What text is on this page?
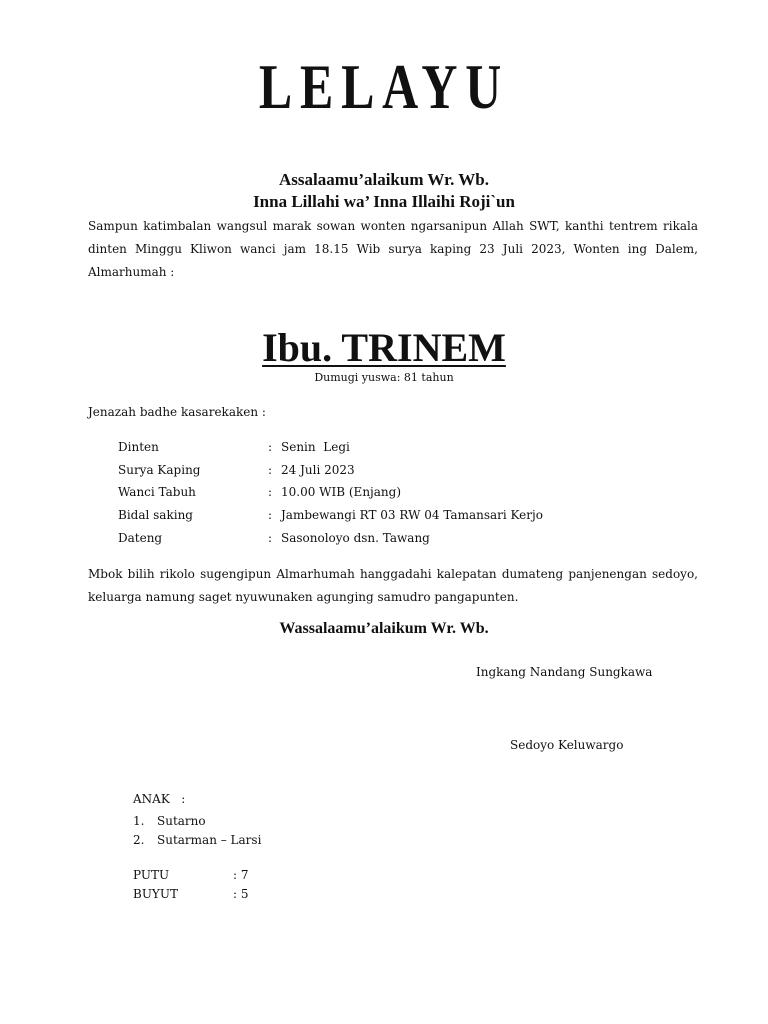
LELAYU
Assalaamu’alaikum Wr. Wb.
Inna Lillahi wa’ Inna Illaihi Roji`un
Sampun katimbalan wangsul marak sowan wonten ngarsanipun Allah SWT, kanthi tentrem rikala dinten Minggu Kliwon wanci jam 18.15 Wib surya kaping 23 Juli 2023, Wonten ing Dalem, Almarhumah :
Ibu. TRINEM
Dumugi yuswa: 81 tahun
Jenazah badhe kasarekaken :
Dinten	:	Senin  Legi
Surya Kaping	:	24 Juli 2023
Wanci Tabuh	:	10.00 WIB (Enjang)
Bidal saking	:	Jambewangi RT 03 RW 04 Tamansari Kerjo
Dateng	:	Sasonoloyo dsn. Tawang
Mbok bilih rikolo sugengipun Almarhumah hanggadahi kalepatan dumateng panjenengan sedoyo, keluarga namung saget nyuwunaken agunging samudro pangapunten.
Wassalaamu’alaikum Wr. Wb.
Ingkang Nandang Sungkawa
Sedoyo Keluwargo
ANAK   :
1.	Sutarno
2.	Sutarman – Larsi
PUTU	: 7
BUYUT	: 5
